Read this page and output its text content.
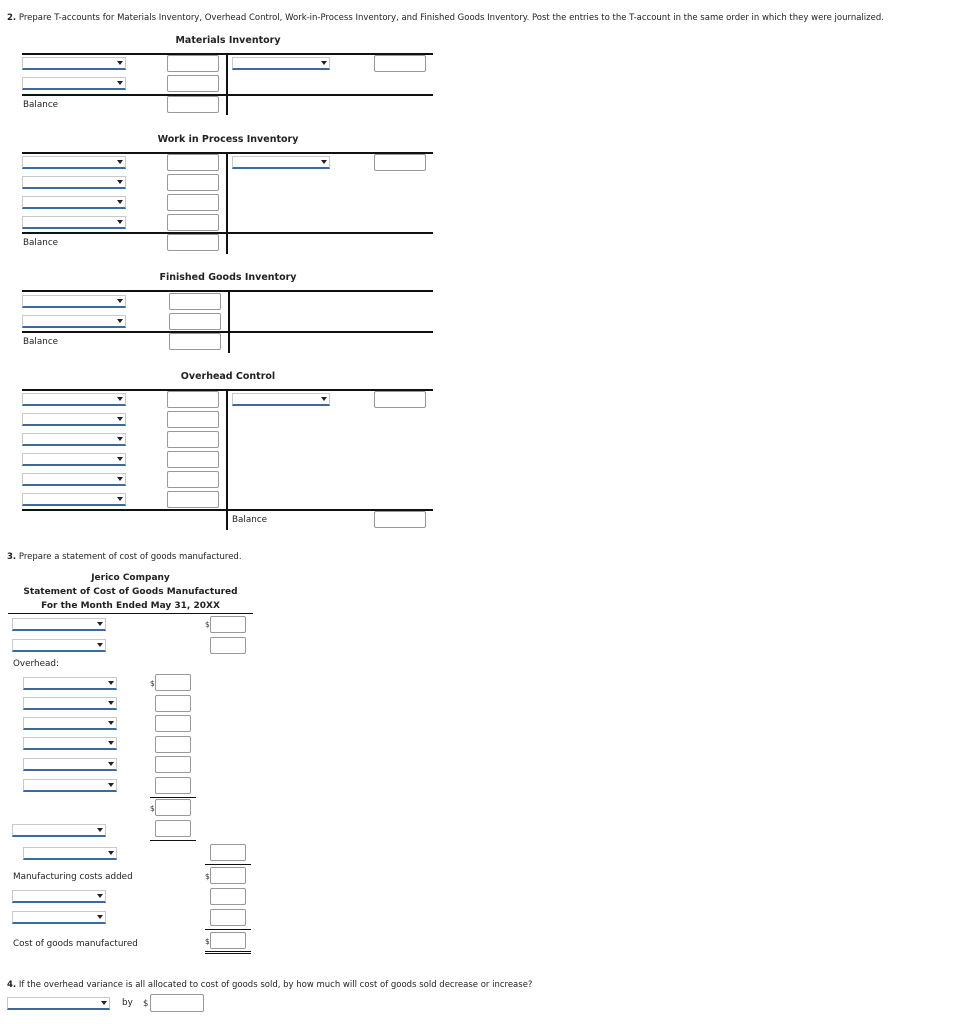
2. Prepare T-accounts for Materials Inventory, Overhead Control, Work-in-Process Inventory, and Finished Goods Inventory. Post the entries to the T-account in the same order in which they were journalized.
Materials Inventory
Balance
Work in Process Inventory
Balance
Finished Goods Inventory
Balance
Overhead Control
Balance
3. Prepare a statement of cost of goods manufactured.
Jerico Company
Statement of Cost of Goods Manufactured
For the Month Ended May 31, 20XX
$
Overhead:
$
$
Manufacturing costs added	$
Cost of goods manufactured	$
4. If the overhead variance is all allocated to cost of goods sold, by how much will cost of goods sold decrease or increase?
by $
